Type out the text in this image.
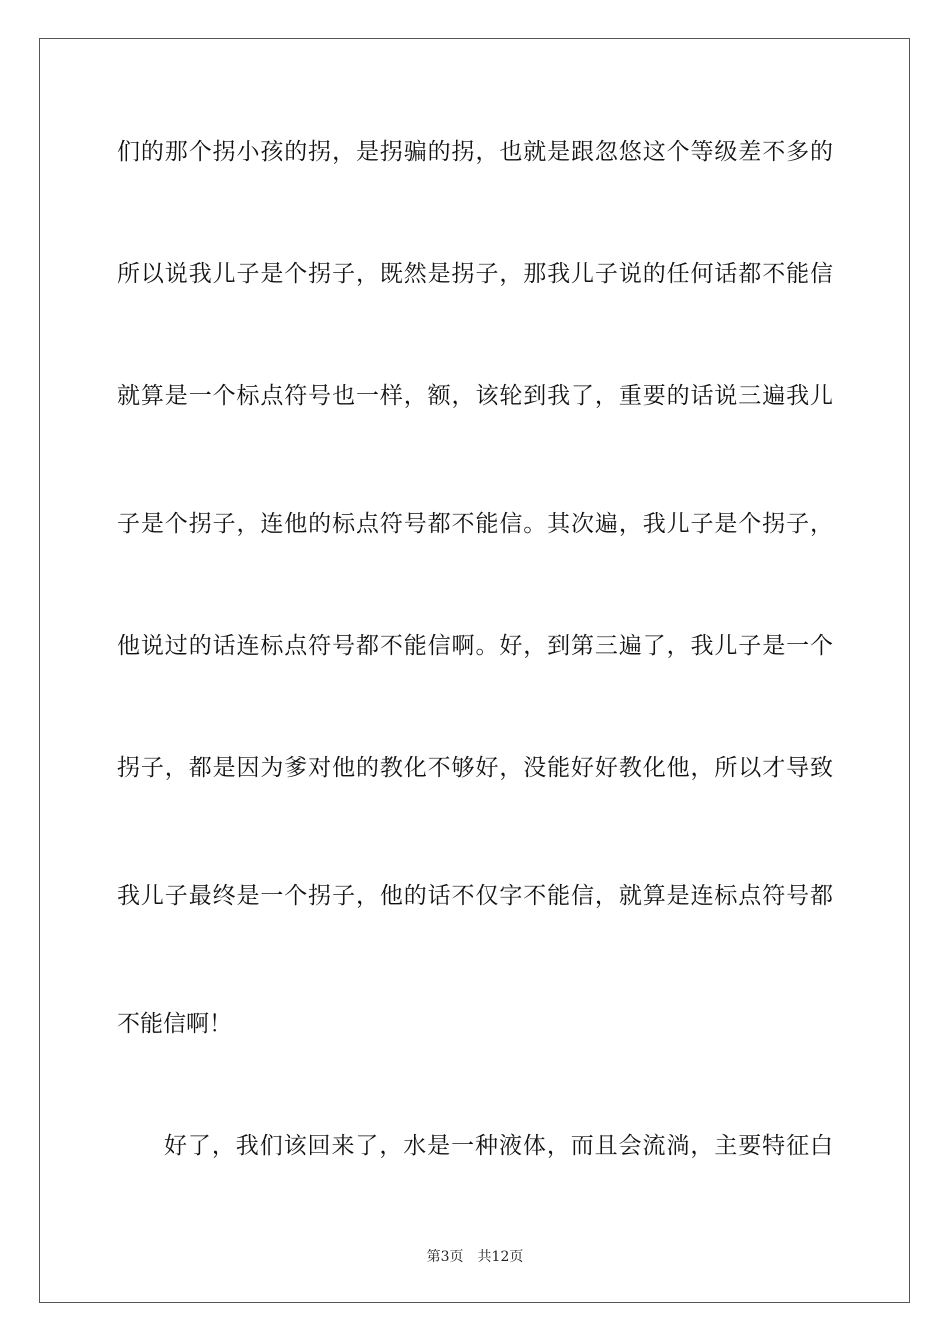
们的那个拐小孩的拐，是拐骗的拐，也就是跟忽悠这个等级差不多的
所以说我儿子是个拐子，既然是拐子，那我儿子说的任何话都不能信
就算是一个标点符号也一样，额，该轮到我了，重要的话说三遍我儿
子是个拐子，连他的标点符号都不能信。其次遍，我儿子是个拐子，
他说过的话连标点符号都不能信啊。好，到第三遍了，我儿子是一个
拐子，都是因为爹对他的教化不够好，没能好好教化他，所以才导致
我儿子最终是一个拐子，他的话不仅字不能信，就算是连标点符号都
不能信啊！
好了，我们该回来了，水是一种液体，而且会流淌，主要特征白
第3页 共12页
